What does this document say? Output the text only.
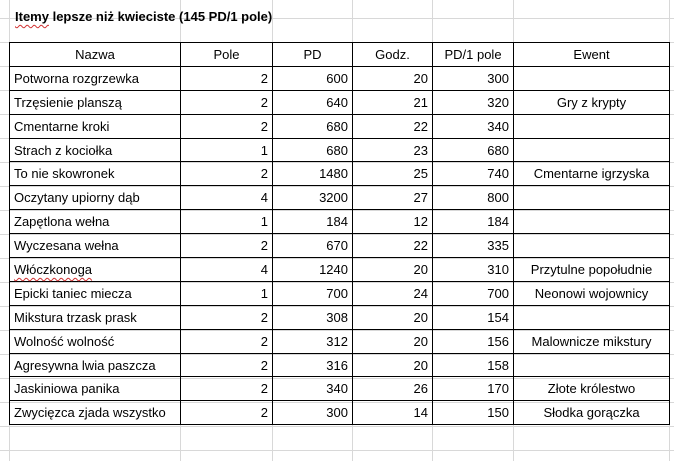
Itemy lepsze niż kwieciste (145 PD/1 pole)
Nazwa	Pole	PD	Godz.	PD/1 pole	Ewent
Potworna rozgrzewka	2	600	20	300	
Trzęsienie planszą	2	640	21	320	Gry z krypty
Cmentarne kroki	2	680	22	340	
Strach z kociołka	1	680	23	680	
To nie skowronek	2	1480	25	740	Cmentarne igrzyska
Oczytany upiorny dąb	4	3200	27	800	
Zapętlona wełna	1	184	12	184	
Wyczesana wełna	2	670	22	335	
Włóczkonoga	4	1240	20	310	Przytulne popołudnie
Epicki taniec miecza	1	700	24	700	Neonowi wojownicy
Mikstura trzask prask	2	308	20	154	
Wolność wolność	2	312	20	156	Malownicze mikstury
Agresywna lwia paszcza	2	316	20	158	
Jaskiniowa panika	2	340	26	170	Złote królestwo
Zwycięzca zjada wszystko	2	300	14	150	Słodka gorączka
